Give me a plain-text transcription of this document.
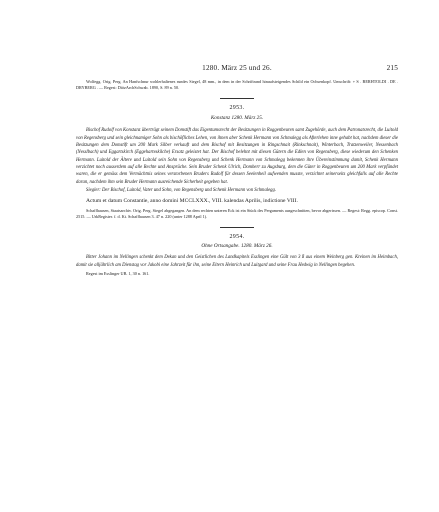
1280. März 25 und 26.	215

Wolfegg. Orig. Perg. An Hanfschnur wohlerhaltenes rundes Siegel, 48 mm., in dem in der Schriftrand hinaufsteigendes Schild ein Ochsenkopf. Umschrift: + S . BERHTOLDI . DE . DRYBERG . — Regest: DiözArchSchwab. 1890, S. 89 n. 50.

2953.
Konstanz 1280. März 25.

Bischof Rudolf von Konstanz überträgt seinem Domstift das Eigentumsrecht der Besitzungen in Roggenbeuren samt Zugehörde, auch dem Patronatsrecht, die Luitold von Regensberg und sein gleichnamiger Sohn als bischöfliches Lehen, von ihnen aber Schenk Hermann von Schmalegg als Afterlehen inne gehabt hat, nachdem dieser die Besitzungen dem Domstift um 200 Mark Silber verkauft und dem Bischof mit Besitzungen in Ringschnait (Rinkschnait), Winterbach, Tratzenweiler, Nessenbach (Nesslbach) und Eggartskirch (Eggeharteskilche) Ersatz geleistet hat. Der Bischof belehnt mit diesen Gütern die Edlen von Regensberg, diese wiederum den Schenken Hermann. Luitold der Ältere und Luitold sein Sohn von Regensberg und Schenk Hermann von Schmalegg bekennen ihre Übereinstimmung damit, Schenk Hermann verzichtet noch ausserdem auf alle Rechte und Ansprüche. Sein Bruder Schenk Ulrich, Domherr zu Augsburg, dem die Güter in Roggenbeuren um 200 Mark verpfändet waren, die er gemäss dem Vermächtnis seines verstorbenen Bruders Rudolf für dessen Seelenheil aufwenden musste, verzichtet seinerseits gleichfalls auf alle Rechte daran, nachdem ihm sein Bruder Hermann ausreichende Sicherheit gegeben hat.

Siegler: Der Bischof, Luitold, Vater und Sohn, von Regensberg und Schenk Hermann von Schmalegg.

Actum et datum Constantie, anno domini MCCLXXX., VIII. kalendas Aprilis, indictione VIII.

Schaffhausen, Staatsarchiv. Orig. Perg. Siegel abgegangen. An dem rechten unteren Eck ist ein Stück des Pergaments ausgeschnitten, bevor abgerissen. — Regest: Regg. episcop. Const. 2515. — UrkRegister. f. d. Kt. Schaffhausen 3. 47 n. 220 (unter 1288 April 1).

2954.
Ohne Ortsangabe. 1280. März 26.

Bitter Johann im Nellingen schenkt dem Dekan und den Geistlichen des Landkapitels Esslingen eine Gült von 3 ß aus einem Weinberg gen. Kreinen im Heimbach, damit sie alljährlich am Dienstag vor Jakobi eine Jahrzeit für ihn, seine Eltern Heinrich und Luitgard und seine Frau Hedwig in Nellingen begehen.

Regest im Esslinger UB. 1, 30 n. 161.
